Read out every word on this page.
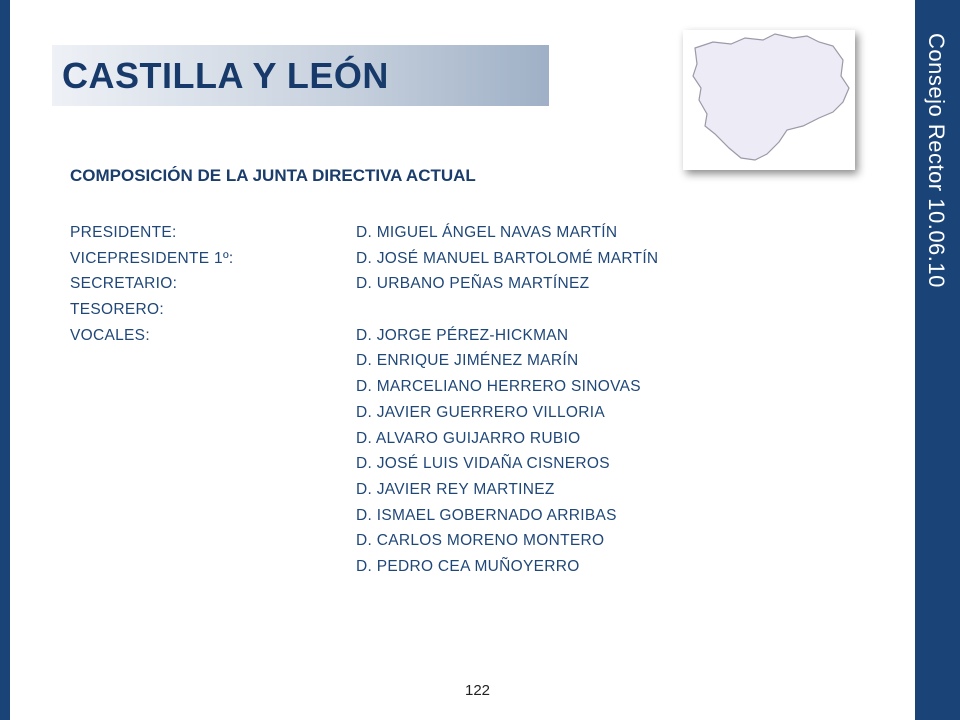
Consejo Rector 10.06.10
CASTILLA Y LEÓN
COMPOSICIÓN DE LA JUNTA DIRECTIVA ACTUAL
PRESIDENTE:
VICEPRESIDENTE 1º:
SECRETARIO:
TESORERO:
VOCALES:
D. MIGUEL ÁNGEL NAVAS MARTÍN
D. JOSÉ MANUEL BARTOLOMÉ MARTÍN
D. URBANO PEÑAS MARTÍNEZ
D. JORGE PÉREZ-HICKMAN
D. ENRIQUE JIMÉNEZ MARÍN
D. MARCELIANO HERRERO SINOVAS
D. JAVIER GUERRERO VILLORIA
D. ALVARO GUIJARRO RUBIO
D. JOSÉ LUIS VIDAÑA CISNEROS
D. JAVIER REY MARTINEZ
D. ISMAEL GOBERNADO ARRIBAS
D. CARLOS MORENO MONTERO
D. PEDRO CEA MUÑOYERRO
122
